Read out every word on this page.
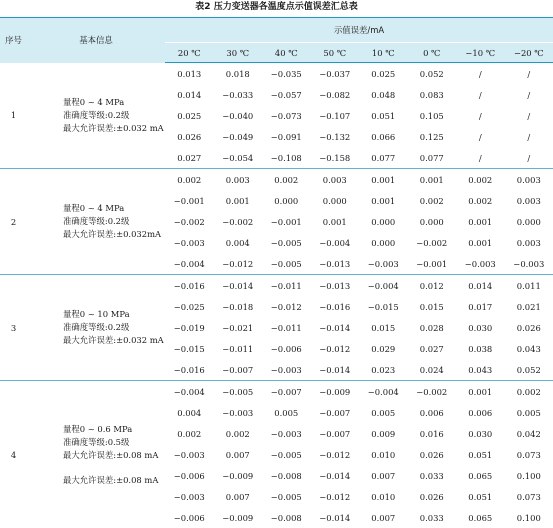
表2 压力变送器各温度点示值误差汇总表
序号	基本信息	示值误差/mA							
		20 ℃	30 ℃	40 ℃	50 ℃	10 ℃	0 ℃	−10 ℃	−20 ℃
1	量程0 ~ 4 MPa
准确度等级:0.2级
最大允许误差:±0.032 mA	0.013	0.018	−0.035	−0.037	0.025	0.052	/	/
		0.014	−0.033	−0.057	−0.082	0.048	0.083	/	/
		0.025	−0.040	−0.073	−0.107	0.051	0.105	/	/
		0.026	−0.049	−0.091	−0.132	0.066	0.125	/	/
		0.027	−0.054	−0.108	−0.158	0.077	0.077	/	/
2	量程0 ~ 4 MPa
准确度等级:0.2级
最大允许误差:±0.032mA	0.002	0.003	0.002	0.003	0.001	0.001	0.002	0.003
		−0.001	0.001	0.000	0.000	0.001	0.002	0.002	0.003
		−0.002	−0.002	−0.001	0.001	0.000	0.000	0.001	0.000
		−0.003	0.004	−0.005	−0.004	0.000	−0.002	0.001	0.003
		−0.004	−0.012	−0.005	−0.013	−0.003	−0.001	−0.003	−0.003
3	量程0 ~ 10 MPa
准确度等级:0.2级
最大允许误差:±0.032 mA	−0.016	−0.014	−0.011	−0.013	−0.004	0.012	0.014	0.011
		−0.025	−0.018	−0.012	−0.016	−0.015	0.015	0.017	0.021
		−0.019	−0.021	−0.011	−0.014	0.015	0.028	0.030	0.026
		−0.015	−0.011	−0.006	−0.012	0.029	0.027	0.038	0.043
		−0.016	−0.007	−0.003	−0.014	0.023	0.024	0.043	0.052
4	量程0 ~ 0.6 MPa
准确度等级:0.5级
最大允许误差:±0.08 mA
最大允许误差:±0.08 mA	−0.004	−0.005	−0.007	−0.009	−0.004	−0.002	0.001	0.002
		0.004	−0.003	0.005	−0.007	0.005	0.006	0.006	0.005
		0.002	0.002	−0.003	−0.007	0.009	0.016	0.030	0.042
		−0.003	0.007	−0.005	−0.012	0.010	0.026	0.051	0.073
		−0.006	−0.009	−0.008	−0.014	0.007	0.033	0.065	0.100
		−0.003	0.007	−0.005	−0.012	0.010	0.026	0.051	0.073
		−0.006	−0.009	−0.008	−0.014	0.007	0.033	0.065	0.100
